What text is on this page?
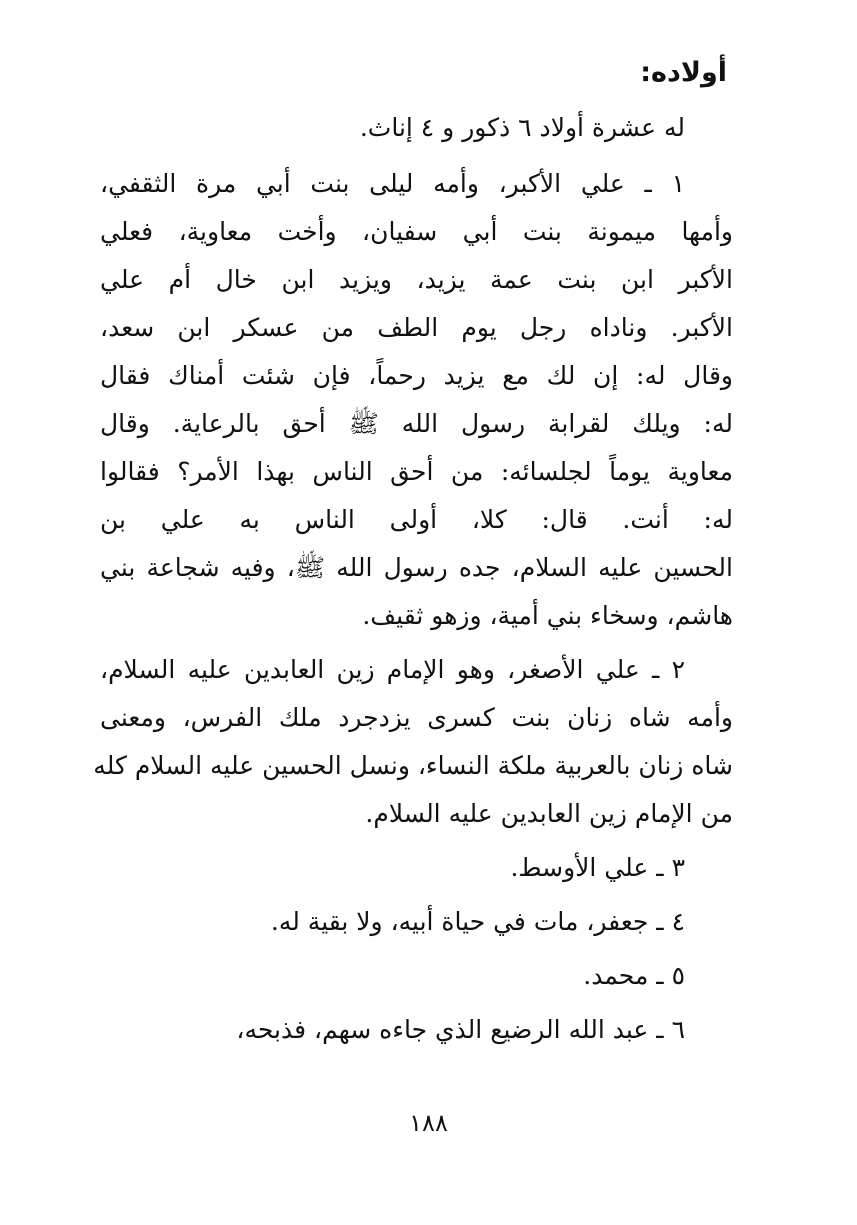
أولاده:
له عشرة أولاد ٦ ذكور و ٤ إناث.
١ ـ علي الأكبر، وأمه ليلى بنت أبي مرة الثقفي،
وأمها ميمونة بنت أبي سفيان، وأخت معاوية، فعلي
الأكبر ابن بنت عمة يزيد، ويزيد ابن خال أم علي
الأكبر. وناداه رجل يوم الطف من عسكر ابن سعد،
وقال له: إن لك مع يزيد رحماً، فإن شئت أمناك فقال
له: ويلك لقرابة رسول الله ﷺ أحق بالرعاية. وقال
معاوية يوماً لجلسائه: من أحق الناس بهذا الأمر؟ فقالوا
له: أنت. قال: كلا، أولى الناس به علي بن
الحسين عليه السلام، جده رسول الله ﷺ، وفيه شجاعة بني
هاشم، وسخاء بني أمية، وزهو ثقيف.
٢ ـ علي الأصغر، وهو الإمام زين العابدين عليه السلام،
وأمه شاه زنان بنت كسرى يزدجرد ملك الفرس، ومعنى
شاه زنان بالعربية ملكة النساء، ونسل الحسين عليه السلام كله
من الإمام زين العابدين عليه السلام.
٣ ـ علي الأوسط.
٤ ـ جعفر، مات في حياة أبيه، ولا بقية له.
٥ ـ محمد.
٦ ـ عبد الله الرضيع الذي جاءه سهم، فذبحه،
١٨٨
